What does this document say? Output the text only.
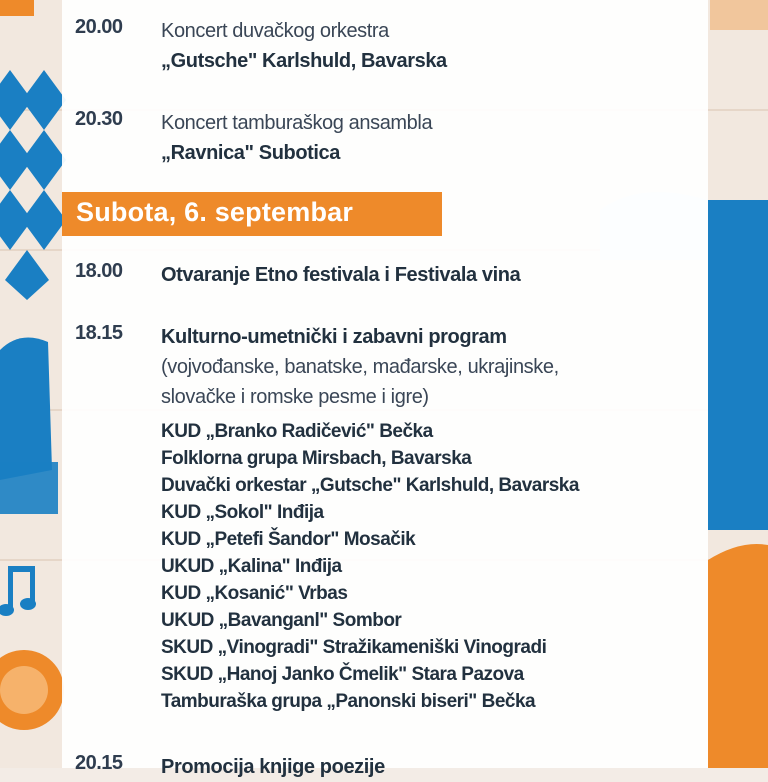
20.00	Koncert duvačkog orkestra
„Gutsche" Karlshuld, Bavarska
20.30	Koncert tamburaškog ansambla
„Ravnica" Subotica
Subota, 6. septembar
18.00	Otvaranje Etno festivala i Festivala vina
18.15	Kulturno-umetnički i zabavni program
(vojvođanske, banatske, mađarske, ukrajinske,
slovačke i romske pesme i igre)
KUD „Branko Radičević" Bečka
Folklorna grupa Mirsbach, Bavarska
Duvački orkestar „Gutsche" Karlshuld, Bavarska
KUD „Sokol" Inđija
KUD „Petefi Šandor" Mosačik
UKUD „Kalina" Inđija
KUD „Kosanić" Vrbas
UKUD „Bavanganl" Sombor
SKUD „Vinogradi" Stražikameniški Vinogradi
SKUD „Hanoj Janko Čmelik" Stara Pazova
Tamburaška grupa „Panonski biseri" Bečka
20.15	Promocija knjige poezije
